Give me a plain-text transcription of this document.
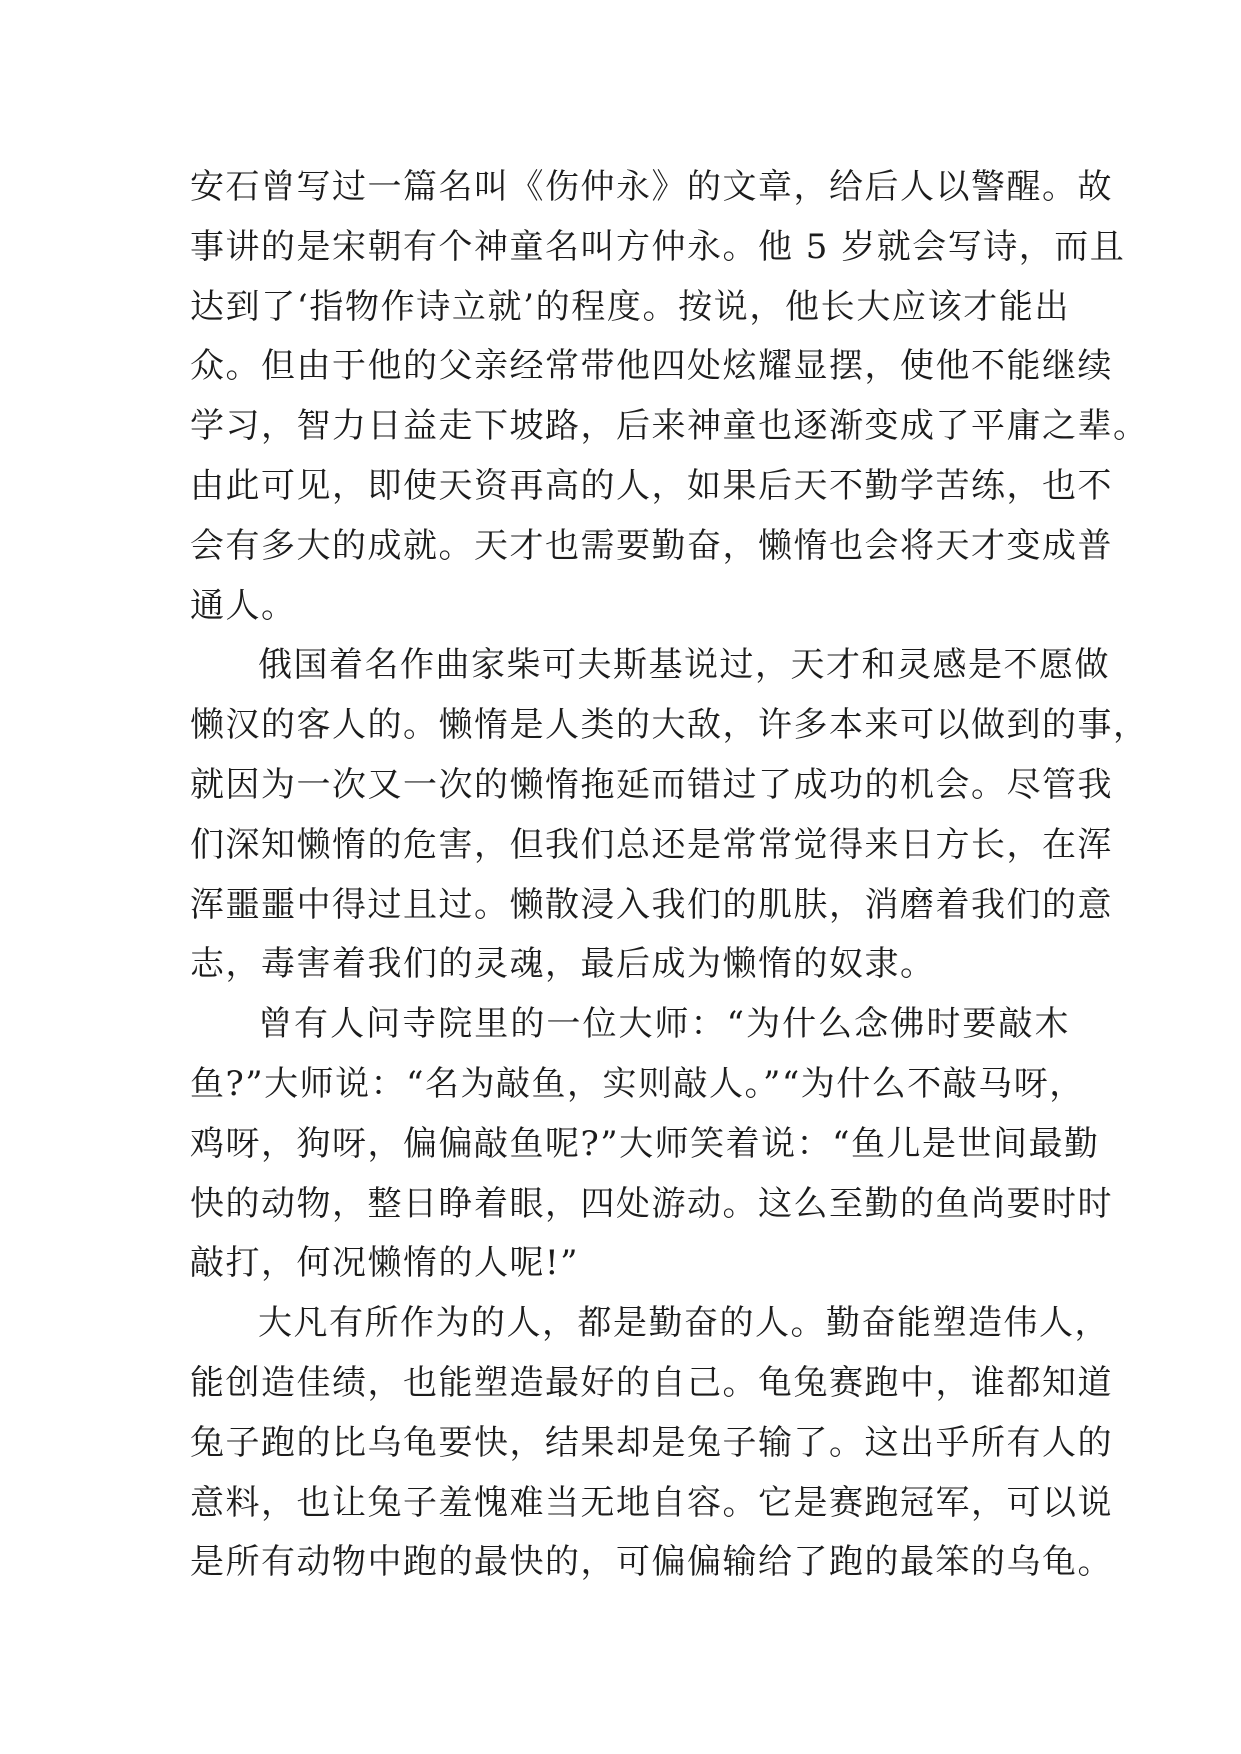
安石曾写过一篇名叫《伤仲永》的文章，给后人以警醒。故
事讲的是宋朝有个神童名叫方仲永。他 5 岁就会写诗，而且
达到了‘指物作诗立就’的程度。按说，他长大应该才能出
众。但由于他的父亲经常带他四处炫耀显摆，使他不能继续
学习，智力日益走下坡路，后来神童也逐渐变成了平庸之辈。
由此可见，即使天资再高的人，如果后天不勤学苦练，也不
会有多大的成就。天才也需要勤奋，懒惰也会将天才变成普
通人。
俄国着名作曲家柴可夫斯基说过，天才和灵感是不愿做
懒汉的客人的。懒惰是人类的大敌，许多本来可以做到的事，
就因为一次又一次的懒惰拖延而错过了成功的机会。尽管我
们深知懒惰的危害，但我们总还是常常觉得来日方长，在浑
浑噩噩中得过且过。懒散浸入我们的肌肤，消磨着我们的意
志，毒害着我们的灵魂，最后成为懒惰的奴隶。
曾有人问寺院里的一位大师：“为什么念佛时要敲木
鱼?”大师说：“名为敲鱼，实则敲人。”“为什么不敲马呀，
鸡呀，狗呀，偏偏敲鱼呢?”大师笑着说：“鱼儿是世间最勤
快的动物，整日睁着眼，四处游动。这么至勤的鱼尚要时时
敲打，何况懒惰的人呢!”
大凡有所作为的人，都是勤奋的人。勤奋能塑造伟人，
能创造佳绩，也能塑造最好的自己。龟兔赛跑中，谁都知道
兔子跑的比乌龟要快，结果却是兔子输了。这出乎所有人的
意料，也让兔子羞愧难当无地自容。它是赛跑冠军，可以说
是所有动物中跑的最快的，可偏偏输给了跑的最笨的乌龟。
